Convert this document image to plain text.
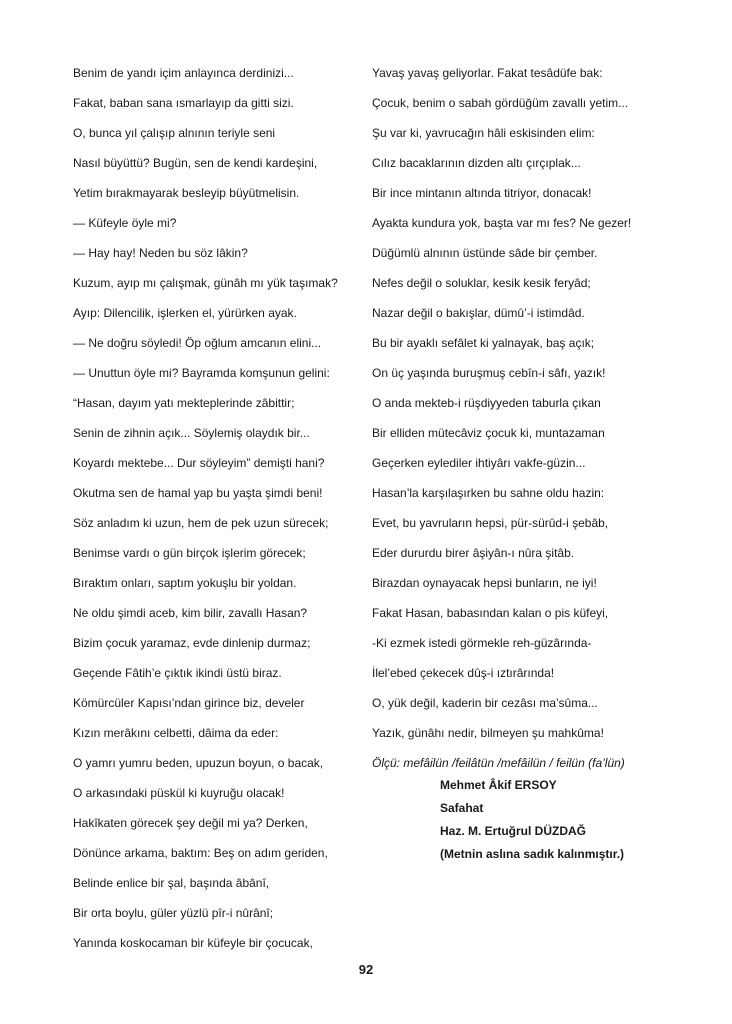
Benim de yandı içim anlayınca derdinizi...
Fakat, baban sana ısmarlayıp da gitti sizi.
O, bunca yıl çalışıp alnının teriyle seni
Nasıl büyüttü? Bugün, sen de kendi kardeşini,
Yetim bırakmayarak besleyip büyütmelisin.
— Küfeyle öyle mi?
— Hay hay! Neden bu söz lâkin?
Kuzum, ayıp mı çalışmak, günâh mı yük taşımak?
Ayıp: Dilencilik, işlerken el, yürürken ayak.
— Ne doğru söyledi! Öp oğlum amcanın elini...
— Unuttun öyle mi? Bayramda komşunun gelini:
“Hasan, dayım yatı mekteplerinde zâbittir;
Senin de zihnin açık... Söylemiş olaydık bir...
Koyardı mektebe... Dur söyleyim” demişti hani?
Okutma sen de hamal yap bu yaşta şimdi beni!
Söz anladım ki uzun, hem de pek uzun sürecek;
Benimse vardı o gün birçok işlerim görecek;
Bıraktım onları, saptım yokuşlu bir yoldan.
Ne oldu şimdi aceb, kim bilir, zavallı Hasan?
Bizim çocuk yaramaz, evde dinlenip durmaz;
Geçende Fâtih’e çıktık ikindi üstü biraz.
Kömürcüler Kapısı’ndan girince biz, develer
Kızın merâkını celbetti, dâima da eder:
O yamrı yumru beden, upuzun boyun, o bacak,
O arkasındaki püskül ki kuyruğu olacak!
Hakîkaten görecek şey değil mi ya? Derken,
Dönünce arkama, baktım: Beş on adım geriden,
Belinde enlice bir şal, başında âbânî,
Bir orta boylu, güler yüzlü pîr-i nûrânî;
Yanında koskocaman bir küfeyle bir çocucak,
Yavaş yavaş geliyorlar. Fakat tesâdüfe bak:
Çocuk, benim o sabah gördüğüm zavallı yetim...
Şu var ki, yavrucağın hâli eskisinden elim:
Cılız bacaklarının dizden altı çırçıplak...
Bir ince mintanın altında titriyor, donacak!
Ayakta kundura yok, başta var mı fes? Ne gezer!
Düğümlü alnının üstünde sâde bir çember.
Nefes değil o soluklar, kesik kesik feryâd;
Nazar değil o bakışlar, dümû’-i istimdâd.
Bu bir ayaklı sefâlet ki yalnayak, baş açık;
On üç yaşında buruşmuş cebîn-i sâfı, yazık!
O anda mekteb-i rüşdiyyeden taburla çıkan
Bir elliden mütecâviz çocuk ki, muntazaman
Geçerken eylediler ihtiyârı vakfe-güzin...
Hasan’la karşılaşırken bu sahne oldu hazin:
Evet, bu yavruların hepsi, pür-sürûd-i şebâb,
Eder dururdu birer âşiyân-ı nûra şitâb.
Birazdan oynayacak hepsi bunların, ne iyi!
Fakat Hasan, babasından kalan o pis küfeyi,
-Ki ezmek istedi görmekle reh-güzârında-
İlel’ebed çekecek dûş-i ıztırârında!
O, yük değil, kaderin bir cezâsı ma’sûma...
Yazık, günâhı nedir, bilmeyen şu mahkûma!
Ölçü: mefâilün /feilâtün /mefâilün / feilün (fa’lün)
Mehmet Âkif ERSOY
Safahat
Haz. M. Ertuğrul DÜZDAĞ
(Metnin aslına sadık kalınmıştır.)
92
